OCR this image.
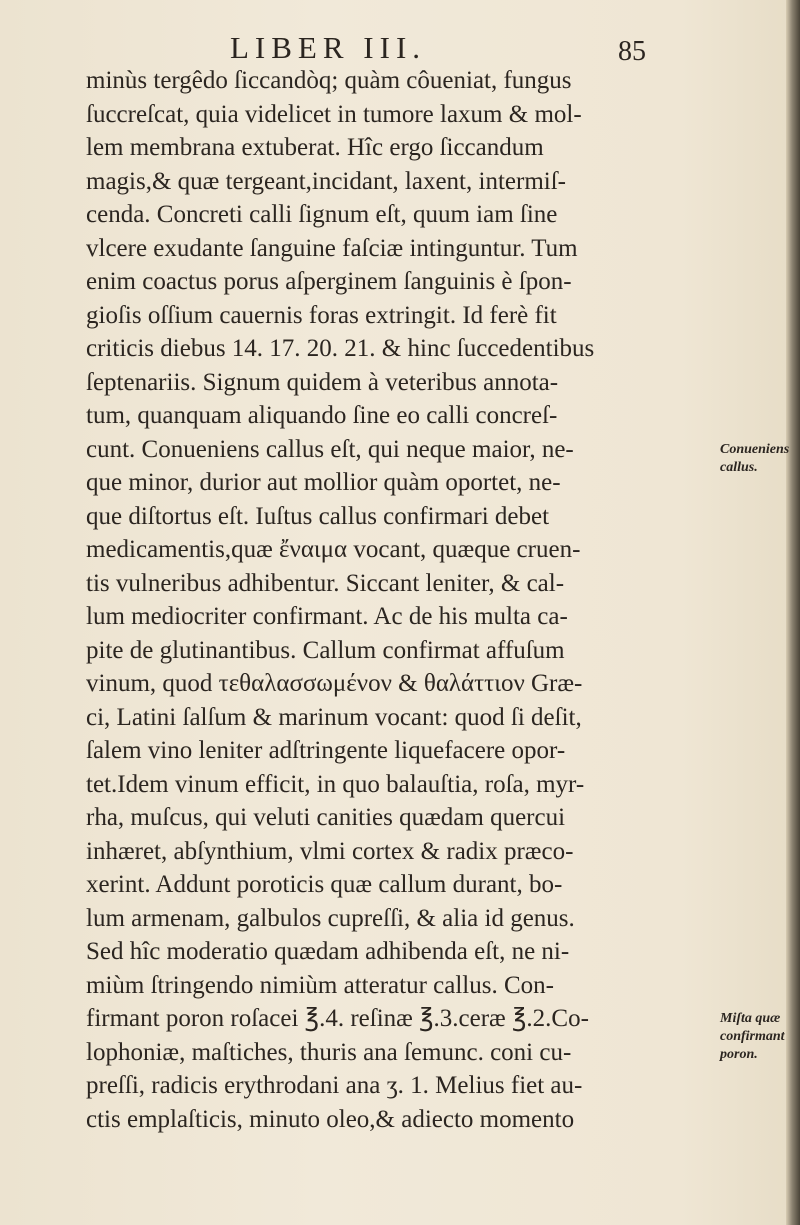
LIBER III.	85
minùs tergêdo ſiccandòq; quàm côueniat, fungus
ſuccreſcat, quia videlicet in tumore laxum & mol-
lem membrana extuberat. Hîc ergo ſiccandum
magis,& quæ tergeant,incidant, laxent, intermiſ-
cenda. Concreti calli ſignum eſt, quum iam ſine
vlcere exudante ſanguine faſciæ intinguntur. Tum
enim coactus porus aſperginem ſanguinis è ſpon-
gioſis oſſium cauernis foras extringit. Id ferè fit
criticis diebus 14. 17. 20. 21. & hinc ſuccedentibus
ſeptenariis. Signum quidem à veteribus annota-
tum, quanquam aliquando ſine eo calli concreſ-
cunt. Conueniens callus eſt, qui neque maior, ne-
que minor, durior aut mollior quàm oportet, ne-
que diſtortus eſt. Iuſtus callus confirmari debet
medicamentis,quæ ἔναιμα vocant, quæque cruen-
tis vulneribus adhibentur. Siccant leniter, & cal-
lum mediocriter confirmant. Ac de his multa ca-
pite de glutinantibus. Callum confirmat affuſum
vinum, quod τεθαλασσωμένον & θαλάττιον Græ-
ci, Latini ſalſum & marinum vocant: quod ſi deſit,
ſalem vino leniter adſtringente liquefacere opor-
tet.Idem vinum efficit, in quo balauſtia, roſa, myr-
rha, muſcus, qui veluti canities quædam quercui
inhæret, abſynthium, vlmi cortex & radix præco-
xerint. Addunt poroticis quæ callum durant, bo-
lum armenam, galbulos cupreſſi, & alia id genus.
Sed hîc moderatio quædam adhibenda eſt, ne ni-
miùm ſtringendo nimiùm atteratur callus. Con-
firmant poron roſacei ℥.4. reſinæ ℥.3.ceræ ℥.2.Co-
lophoniæ, maſtiches, thuris ana ſemunc. coni cu-
preſſi, radicis erythrodani ana ʒ. 1. Melius fiet au-
ctis emplaſticis, minuto oleo,& adiecto momento
Conueniens
callus.
Miſta quæ
confirmant
poron.
